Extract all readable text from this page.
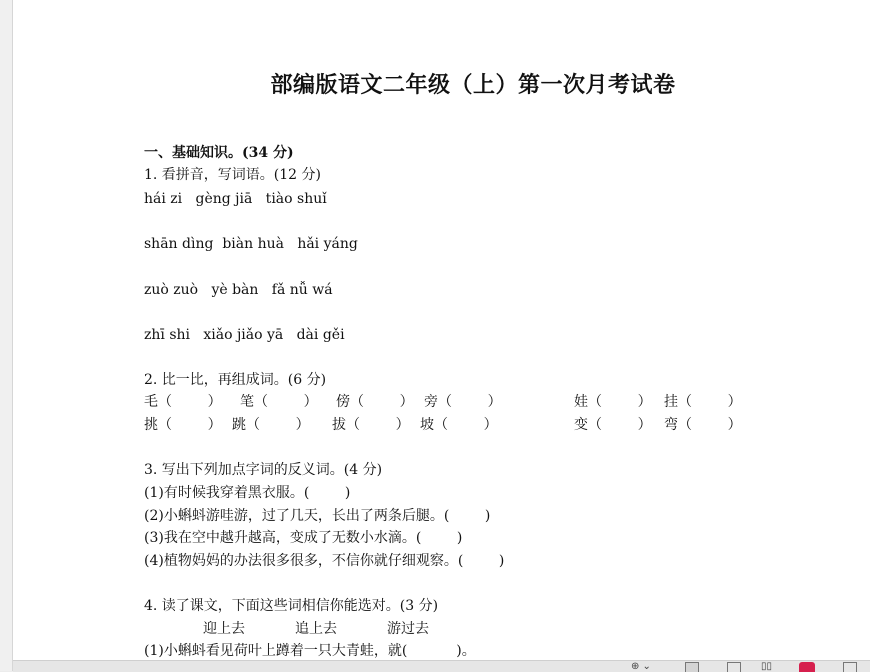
部编版语文二年级（上）第一次月考试卷
一、基础知识。(34 分)
1. 看拼音，写词语。(12 分)
hái zi   gèng jiā   tiào shuǐ
shān dìng  biàn huà   hǎi yáng
zuò zuò   yè bàn   fǎ nǚ wá
zhī shi   xiǎo jiǎo yā   dài gěi
2. 比一比，再组成词。(6 分)
毛（        ） 笔（        ） 傍（        ） 旁（        ）	娃（        ） 挂（        ）
挑（        ） 跳（        ） 拔（        ） 坡（        ）	变（        ） 弯（        ）
3. 写出下列加点字词的反义词。(4 分)
(1)有时候我穿着黑衣服。(        )
(2)小蝌蚪游哇游，过了几天，长出了两条后腿。(        )
(3)我在空中越升越高，变成了无数小水滴。(        )
(4)植物妈妈的办法很多很多，不信你就仔细观察。(        )
4. 读了课文，下面这些词相信你能选对。(3 分)
迎上去	追上去	游过去
(1)小蝌蚪看见荷叶上蹲着一只大青蛙，就(           )。
⊕ ⌄	▯▯
